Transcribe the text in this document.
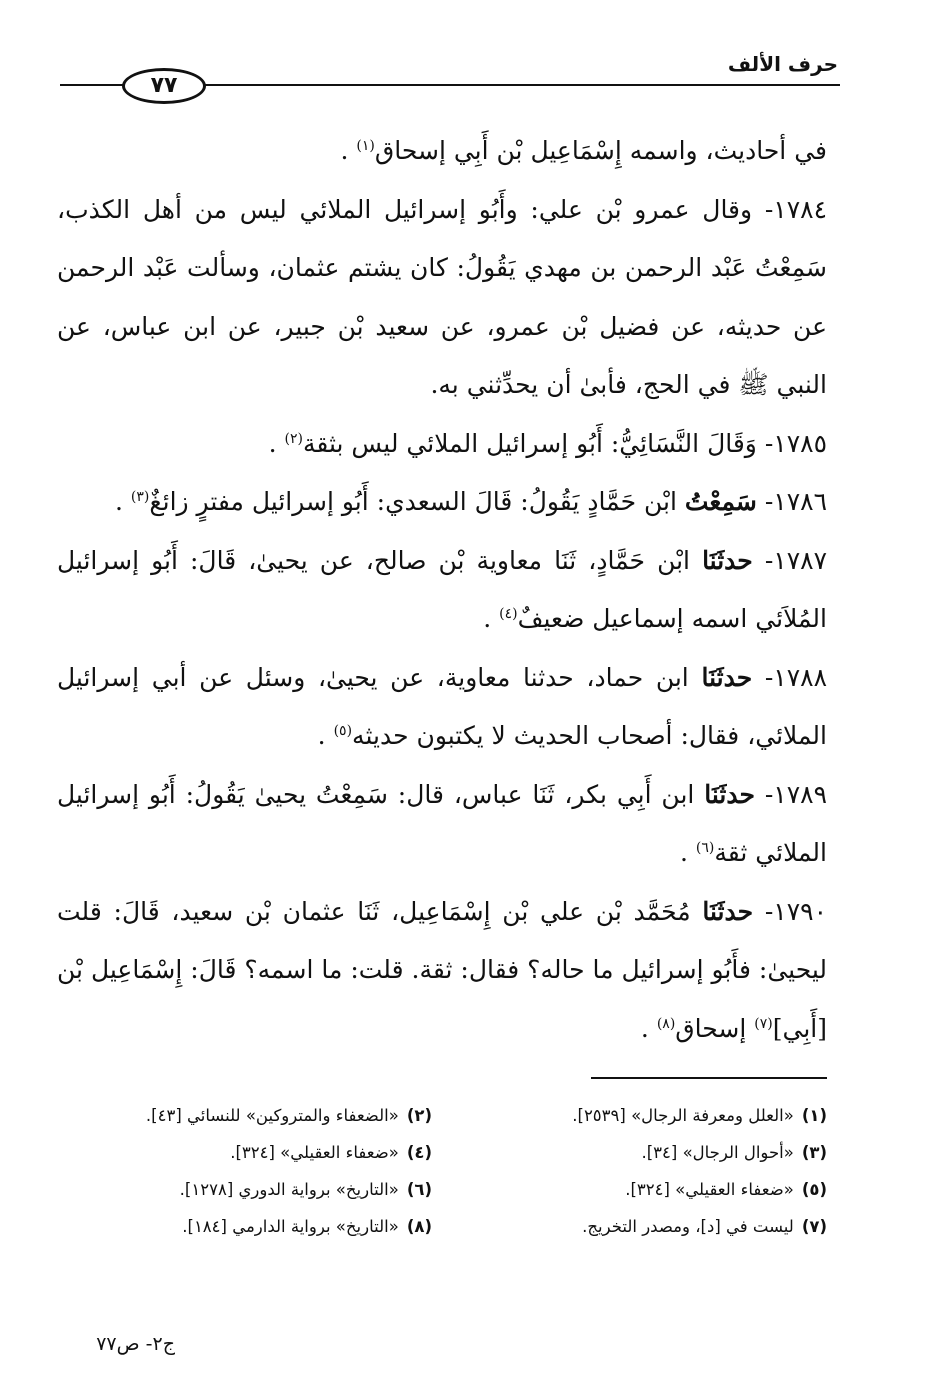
حرف الألف
٧٧

في أحاديث، واسمه إِسْمَاعِيل بْن أَبِي إسحاق$^{(١)}$ .

١٧٨٤- وقال عمرو بْن علي: وأَبُو إسرائيل الملائي ليس من أهل الكذب، سَمِعْتُ عَبْد الرحمن بن مهدي يَقُولُ: كان يشتم عثمان، وسألت عَبْد الرحمن عن حديثه، عن فضيل بْن عمرو، عن سعيد بْن جبير، عن ابن عباس، عن النبي ﷺ في الحج، فأبىٰ أن يحدِّثني به.

١٧٨٥- وَقَالَ النَّسَائِيُّ: أَبُو إسرائيل الملائي ليس بثقة$^{(٢)}$ .

١٧٨٦- سَمِعْتُ ابْن حَمَّادٍ يَقُولُ: قَالَ السعدي: أَبُو إسرائيل مفترٍ زائغٌ$^{(٣)}$ .

١٧٨٧- حدثَنَا ابْن حَمَّادٍ، ثَنَا معاوية بْن صالح، عن يحيىٰ، قَالَ: أَبُو إسرائيل المُلاَئي اسمه إسماعيل ضعيفٌ$^{(٤)}$ .

١٧٨٨- حدثَنَا ابن حماد، حدثنا معاوية، عن يحيىٰ، وسئل عن أبي إسرائيل الملائي، فقال: أصحاب الحديث لا يكتبون حديثه$^{(٥)}$ .

١٧٨٩- حدثَنَا ابن أَبِي بكر، ثَنَا عباس، قال: سَمِعْتُ يحيىٰ يَقُولُ: أَبُو إسرائيل الملائي ثقة$^{(٦)}$ .

١٧٩٠- حدثَنَا مُحَمَّد بْن علي بْن إِسْمَاعِيل، ثَنَا عثمان بْن سعيد، قَالَ: قلت ليحيىٰ: فأَبُو إسرائيل ما حاله؟ فقال: ثقة. قلت: ما اسمه؟ قَالَ: إِسْمَاعِيل بْن [أَبِي]$^{(٧)}$ إسحاق$^{(٨)}$ .

(١)«العلل ومعرفة الرجال» [٢٥٣٩].
(٢)«الضعفاء والمتروكين» للنسائي [٤٣].
(٣)«أحوال الرجال» [٣٤].
(٤)«ضعفاء العقيلي» [٣٢٤].
(٥)«ضعفاء العقيلي» [٣٢٤].
(٦)«التاريخ» برواية الدوري [١٢٧٨].
(٧)ليست في [د]، ومصدر التخريج.
(٨)«التاريخ» برواية الدارمي [١٨٤].
ج٢- ص٧٧
